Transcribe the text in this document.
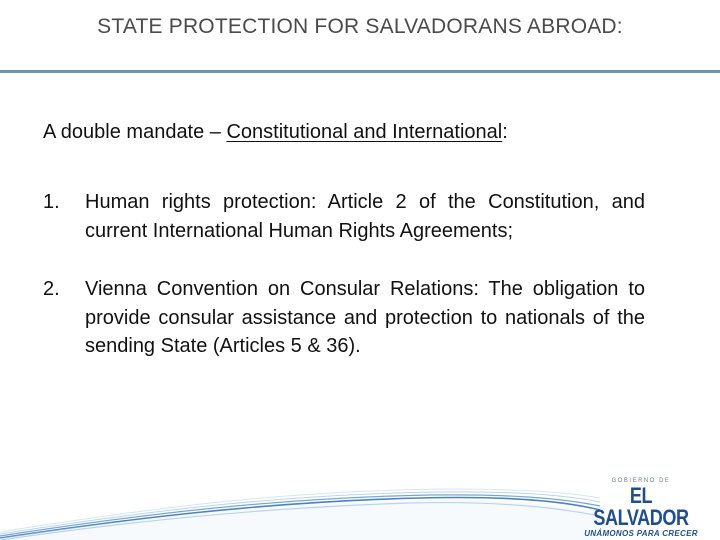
STATE PROTECTION FOR SALVADORANS ABROAD:
A double mandate – Constitutional and International:
1. Human rights protection: Article 2 of the Constitution, and current International Human Rights Agreements;
2. Vienna Convention on Consular Relations: The obligation to provide consular assistance and protection to nationals of the sending State (Articles 5 & 36).
GOBIERNO DE
EL SALVADOR
UNÁMONOS PARA CRECER
